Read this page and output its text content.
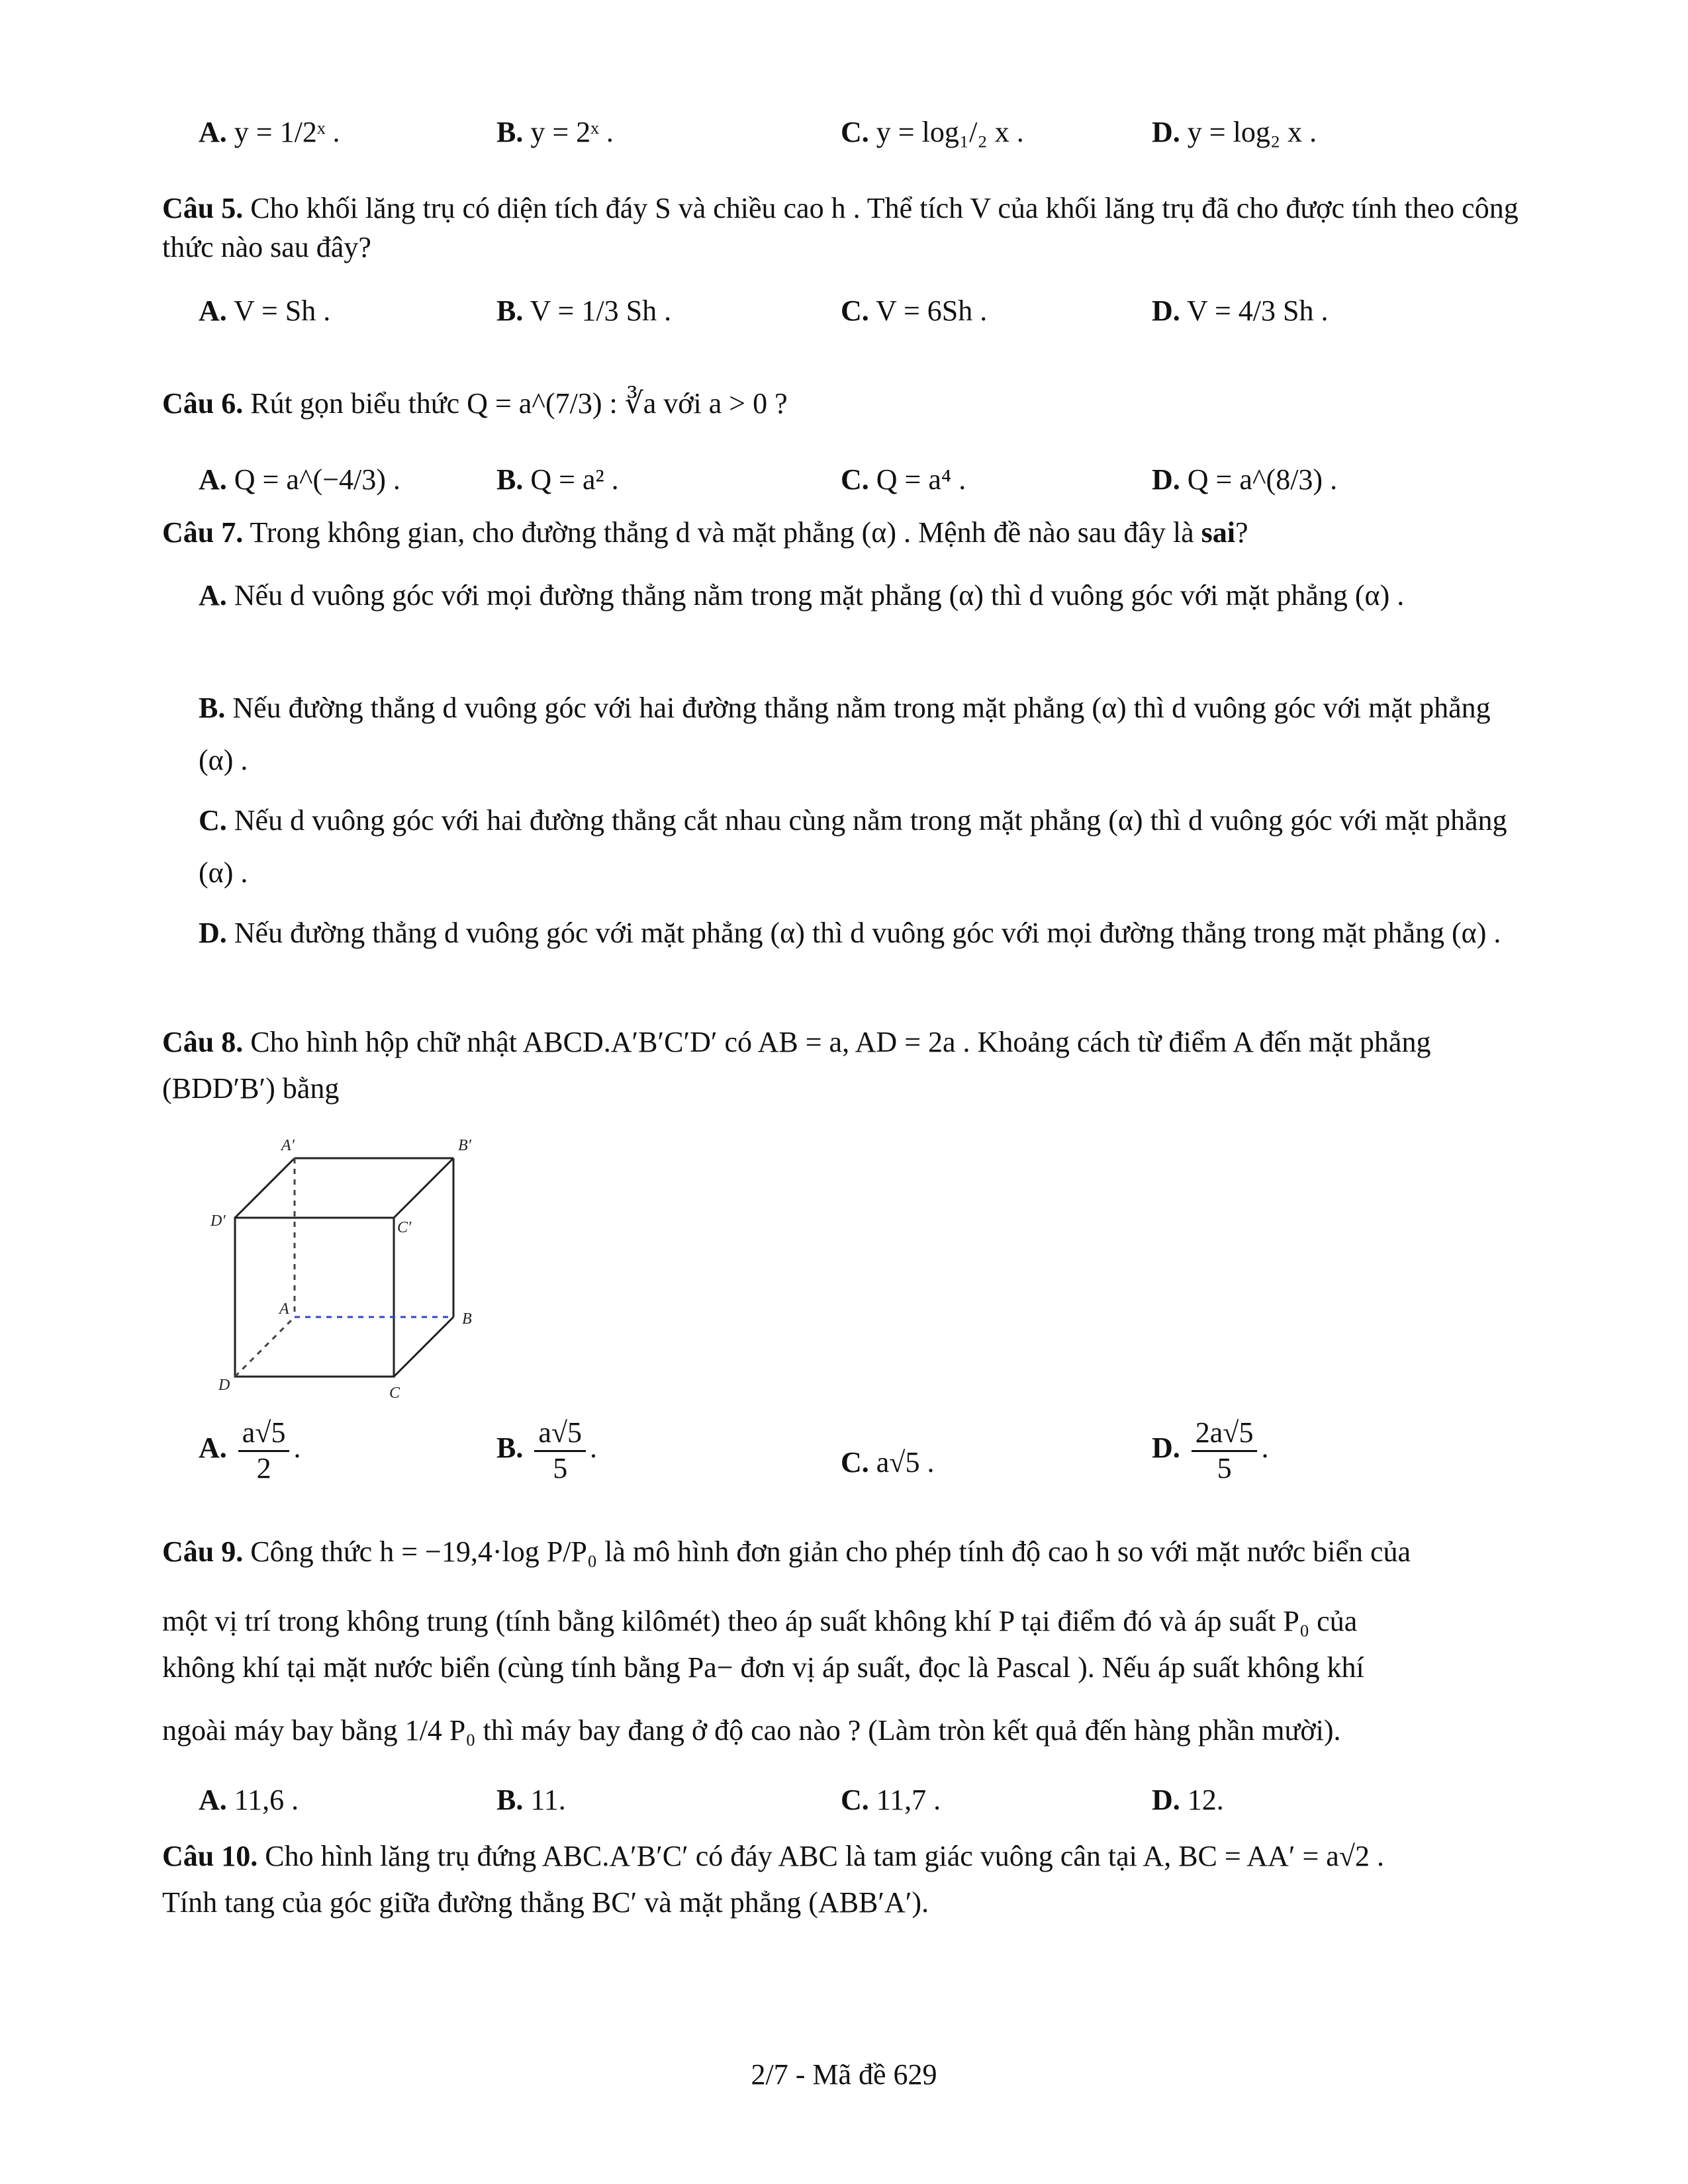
A. y = 1/2ˣ .	B. y = 2ˣ .	C. y = log₁/₂ x .	D. y = log₂ x .
Câu 5. Cho khối lăng trụ có diện tích đáy S và chiều cao h . Thể tích V của khối lăng trụ đã cho được tính theo công thức nào sau đây?
A. V = Sh .	B. V = 1/3 Sh .	C. V = 6Sh .	D. V = 4/3 Sh .
Câu 6. Rút gọn biểu thức Q = a^(7/3) : ∛a với a > 0 ?
A. Q = a^(−4/3) .	B. Q = a² .	C. Q = a⁴ .	D. Q = a^(8/3) .
Câu 7. Trong không gian, cho đường thẳng d và mặt phẳng (α) . Mệnh đề nào sau đây là sai?
A. Nếu d vuông góc với mọi đường thẳng nằm trong mặt phẳng (α) thì d vuông góc với mặt phẳng (α) .
B. Nếu đường thẳng d vuông góc với hai đường thẳng nằm trong mặt phẳng (α) thì d vuông góc với mặt phẳng (α) .
C. Nếu d vuông góc với hai đường thẳng cắt nhau cùng nằm trong mặt phẳng (α) thì d vuông góc với mặt phẳng (α) .
D. Nếu đường thẳng d vuông góc với mặt phẳng (α) thì d vuông góc với mọi đường thẳng trong mặt phẳng (α) .
Câu 8. Cho hình hộp chữ nhật ABCD.A′B′C′D′ có AB = a, AD = 2a . Khoảng cách từ điểm A đến mặt phẳng (BDD′B′) bằng
A′	B′
C′
D′
A
B
C
D
A. $\frac{a√5}{2}$ .	B. $\frac{a√5}{5}$ .	C. a√5 .	D. $\frac{2a√5}{5}$ .
Câu 9. Công thức h = −19,4·log P/P₀ là mô hình đơn giản cho phép tính độ cao h so với mặt nước biển của
một vị trí trong không trung (tính bằng kilômét) theo áp suất không khí P tại điểm đó và áp suất P₀ của
không khí tại mặt nước biển (cùng tính bằng Pa− đơn vị áp suất, đọc là Pascal ). Nếu áp suất không khí
ngoài máy bay bằng 1/4 P₀ thì máy bay đang ở độ cao nào ? (Làm tròn kết quả đến hàng phần mười).
A. 11,6 .	B. 11.	C. 11,7 .	D. 12.
Câu 10. Cho hình lăng trụ đứng ABC.A′B′C′ có đáy ABC là tam giác vuông cân tại A, BC = AA′ = a√2 .
Tính tang của góc giữa đường thẳng BC′ và mặt phẳng (ABB′A′).
2/7 - Mã đề 629
